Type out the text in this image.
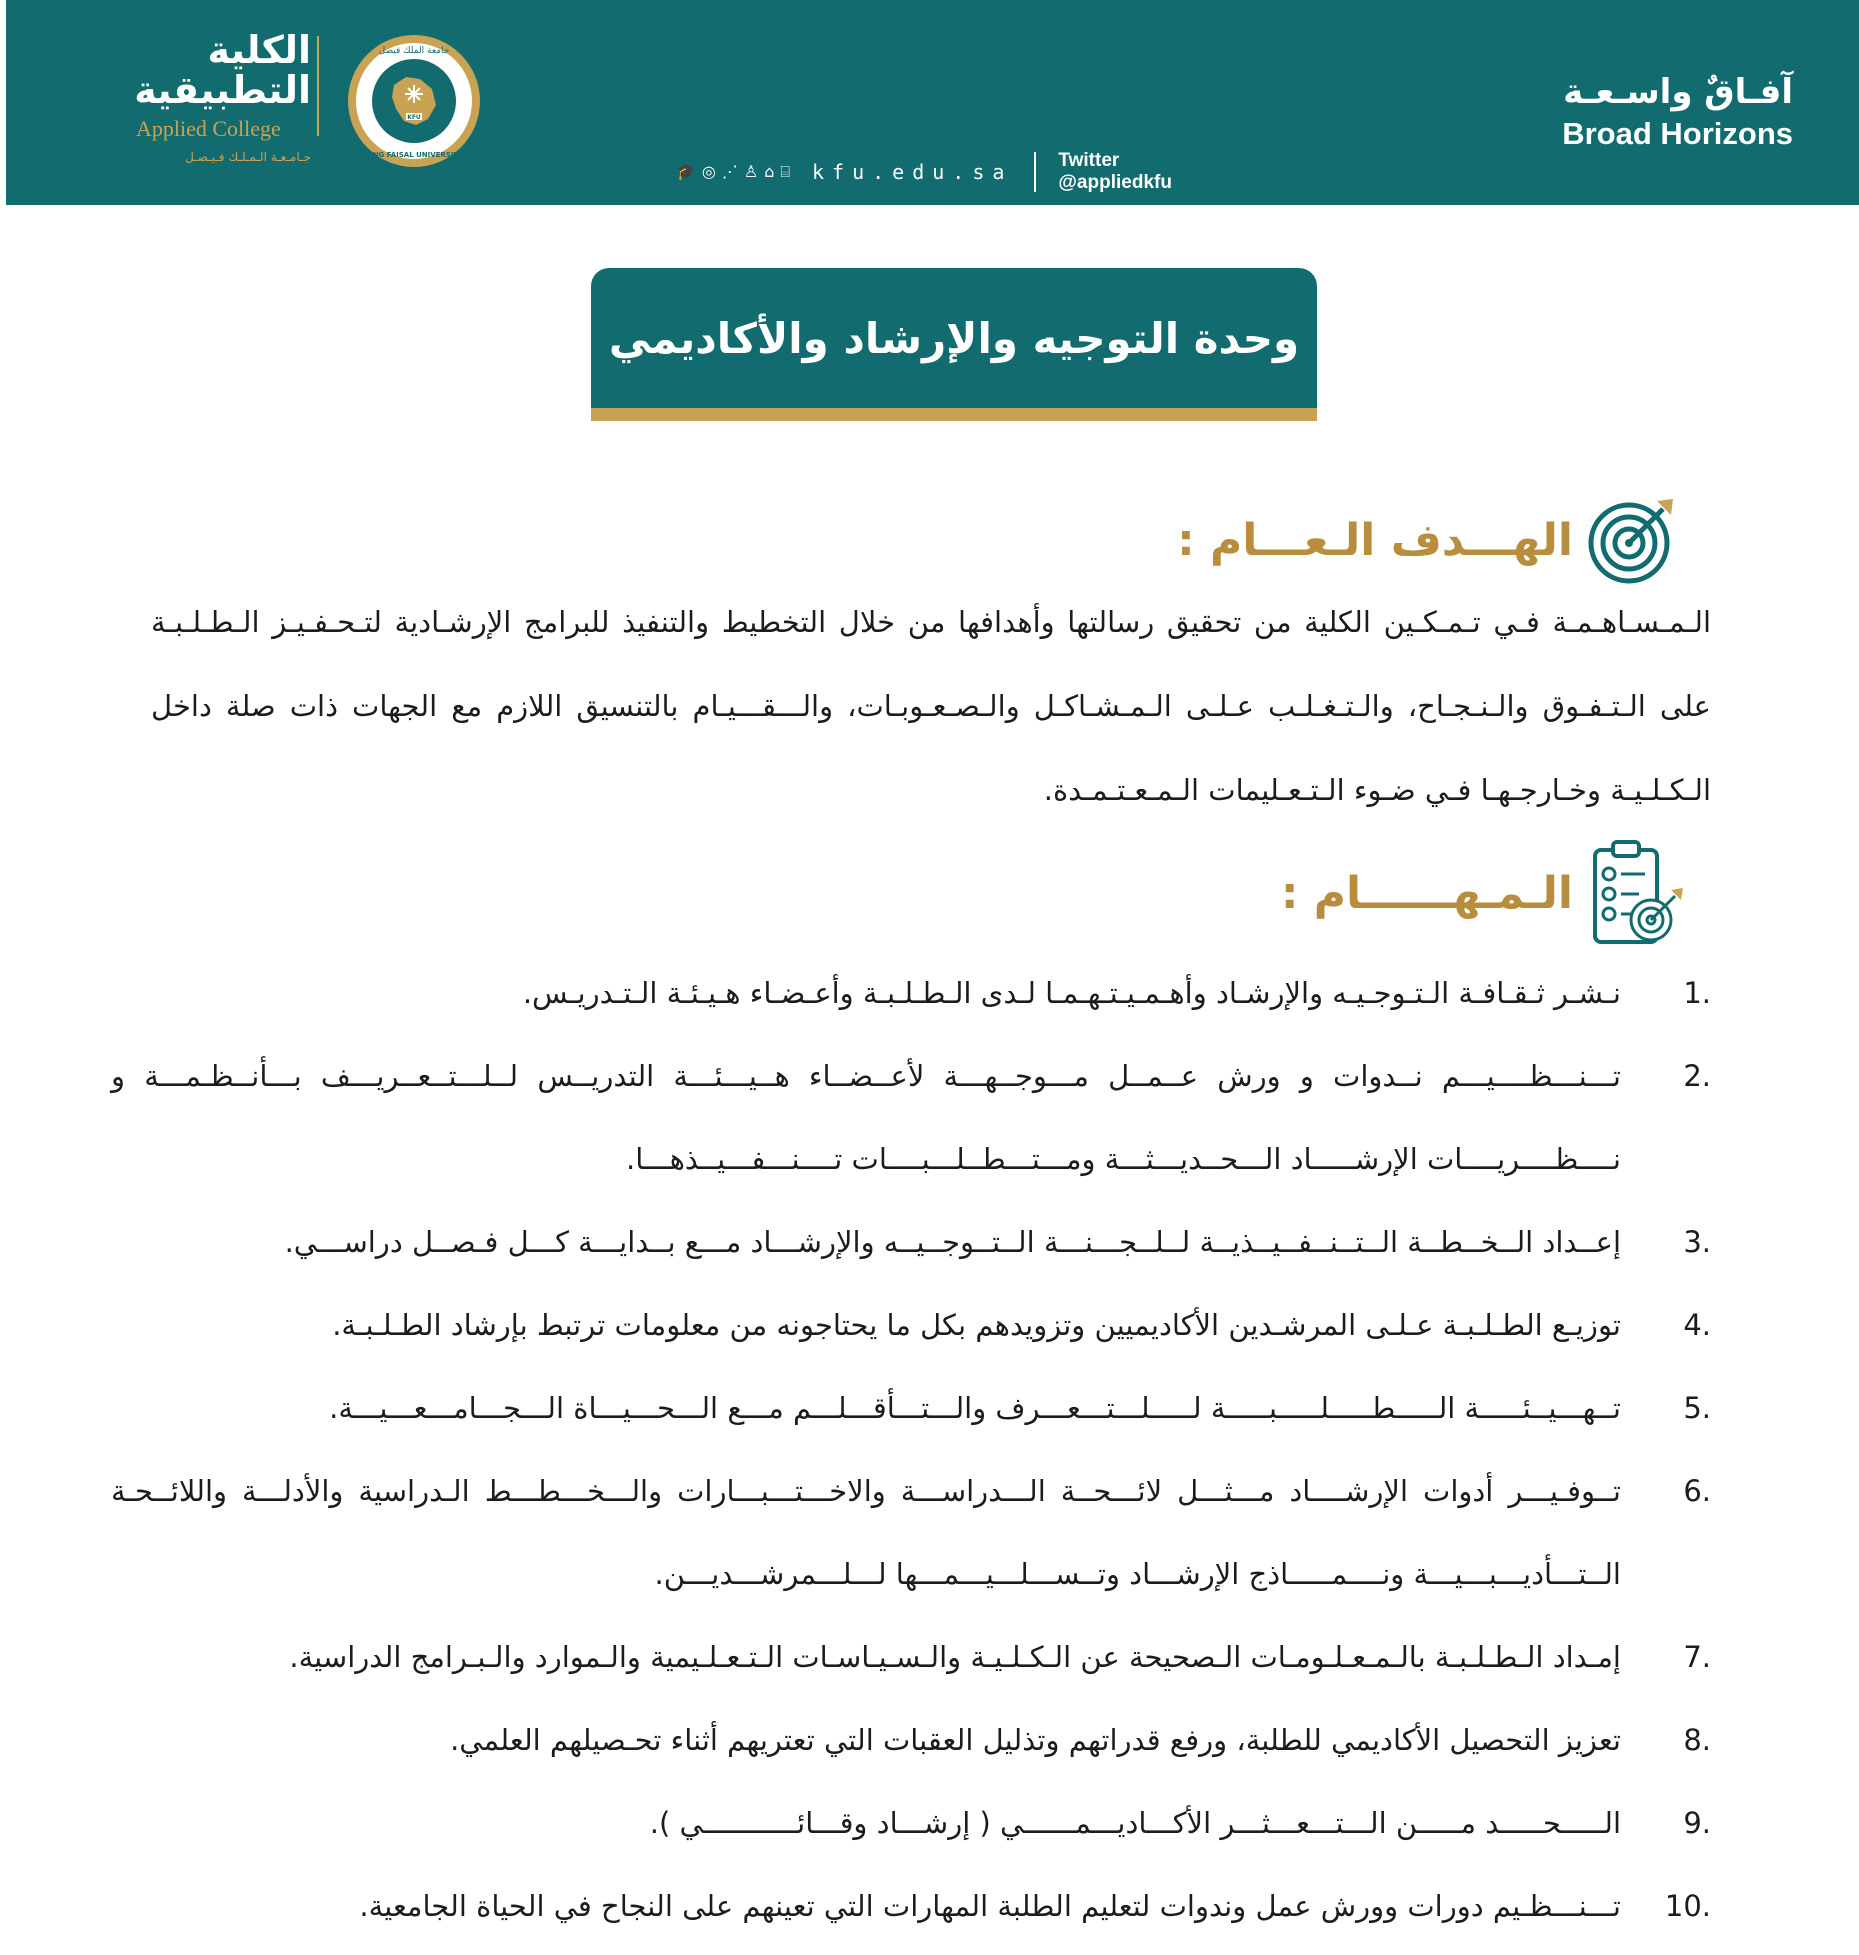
الكلية
التطبيقية
Applied College
جـامـعـة الـمـلـك فـيـصـل
KFU
جامعة الملك فيصل
KING FAISAL UNIVERSITY
🎓 ◎ ⋰ ♙ ⌂ ⌸ kfu.edu.sa Twitter @appliedkfu
آفـاقٌ واسـعـة
Broad Horizons
وحدة التوجيه والإرشاد والأكاديمي
الهـــدف الـعـــام :
الـمـسـاهـمـة فـي تـمـكـين الكلية من تحقيق رسالتها وأهدافها من خلال التخطيط والتنفيذ للبرامج الإرشـادية لتـحـفـيـز الـطـلـبـة على الـتـفـوق والـنـجـاح، والـتـغـلـب عـلـى الـمـشـاكـل والـصـعـوبـات، والـــقـــيـام بالتنسيق اللازم مع الجهات ذات صلة داخل الـكـلـيـة وخـارجـهـا فـي ضـوء الـتـعـليمات الـمـعـتـمـدة.
الـمـهــــــام :
1.
نـشـر ثـقـافـة الـتـوجـيـه والإرشـاد وأهـمـيـتـهـمـا لـدى الـطـلـبـة وأعـضـاء هـيـئـة الـتـدريـس.
2.
تـــنـــظــــيـــم نــدوات و ورش عــمــل مـــوجــهـــة لأعــضــاء هــيـــئـــة التدريــس لــلـــتــعــريـــف بـــأنــظـمـــة و نــــظــــريــــات الإرشـــــاد الـــحــديـــثـــة ومـــتـــطــلـــبــــات تــــنـــفـــيــذهـــا.
3.
إعــداد الــخــطــة الــتــنــفــيــذيــة لــلــجـــنـــة الــتــوجــيــه والإرشـــاد مـــع بــدايـــة كـــل فـصــل دراســـي.
4.
توزيـع الطـلـبـة عـلـى المرشـدين الأكاديميين وتزويدهم بكل ما يحتاجونه من معلومات ترتبط بإرشاد الطـلـبـة.
5.
تــهـــيــئـــــة الـــــطـــــلـــــبـــــة لـــــلـــتـــعـــرف والـــتـــأقـــلـــم مـــع الـــحـــيـــاة الـــجـــامـــعـــيـــة.
6.
تــوفـيـــر أدوات الإرشــــاد مـــثـــل لائـــحــة الـــدراســـة والاخـــتـــبـــارات والـــخـــطـــط الـدراسية والأدلـــة واللائــحـة الــتـــأديـــبـــيـــة ونــــمـــــاذج الإرشـــاد وتــســـلـــيـــمـــها لـــلـــمرشـــديـــن.
7.
إمـداد الـطـلـبـة بالـمـعـلـومـات الـصحيحة عن الـكـلـيـة والـسـيـاسـات الـتـعـلـيمية والـموارد والـبـرامج الدراسية.
8.
تعزيز التحصيل الأكاديمي للطلبة، ورفع قدراتهم وتذليل العقبات التي تعتريهم أثناء تحـصيلهم العلمي.
9.
الـــــحـــــد مـــــن الـــتـــعـــثـــر الأكـــاديـــمــــــي ( إرشـــاد وقـــائـــــــــــي ).
10.
تـــنـــظـيم دورات وورش عمل وندوات لتعليم الطلبة المهارات التي تعينهم على النجاح في الحياة الجامعية.
